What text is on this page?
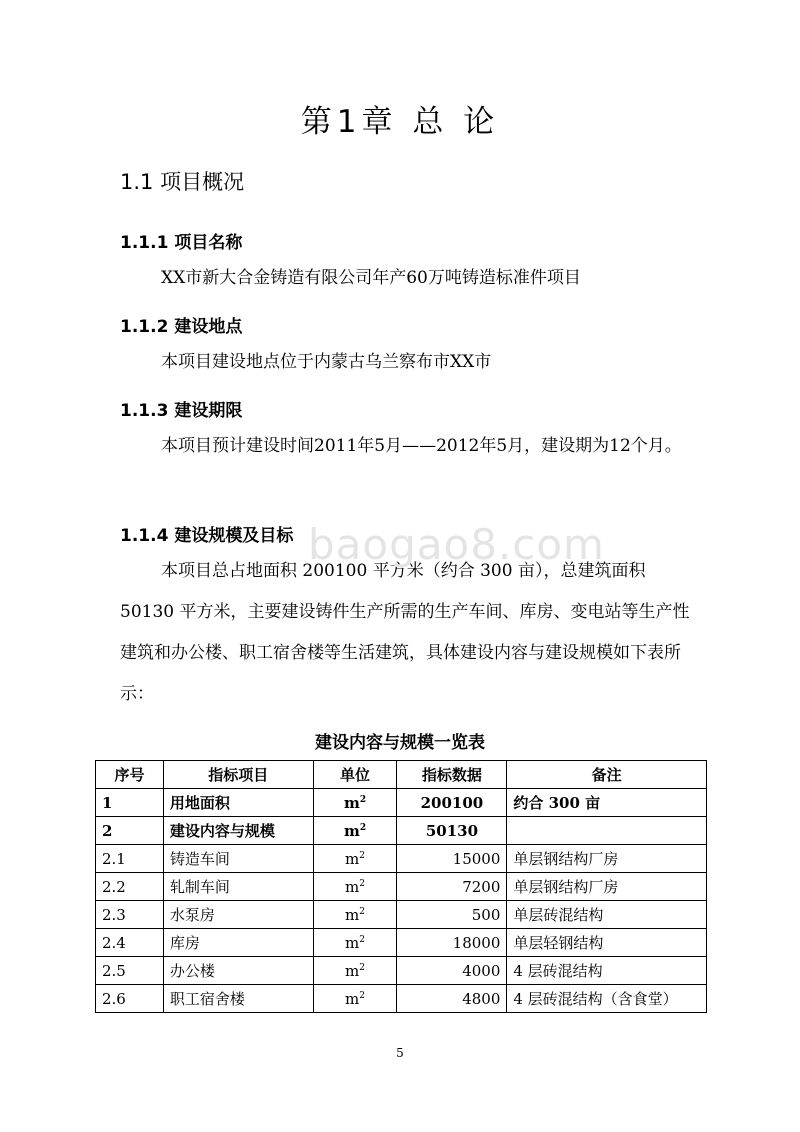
第1章 总 论
1.1 项目概况
1.1.1 项目名称
XX市新大合金铸造有限公司年产60万吨铸造标准件项目
1.1.2 建设地点
本项目建设地点位于内蒙古乌兰察布市XX市
1.1.3 建设期限
本项目预计建设时间2011年5月——2012年5月，建设期为12个月。
1.1.4 建设规模及目标
本项目总占地面积 200100 平方米（约合 300 亩），总建筑面积 50130 平方米，主要建设铸件生产所需的生产车间、库房、变电站等生产性建筑和办公楼、职工宿舍楼等生活建筑，具体建设内容与建设规模如下表所示：
baogao8.com
建设内容与规模一览表
序号	指标项目	单位	指标数据	备注
1	用地面积	$m^2$	200100	约合 300 亩
2	建设内容与规模	$m^2$	50130	
2.1	铸造车间	$m^2$	15000	单层钢结构厂房
2.2	轧制车间	$m^2$	7200	单层钢结构厂房
2.3	水泵房	$m^2$	500	单层砖混结构
2.4	库房	$m^2$	18000	单层轻钢结构
2.5	办公楼	$m^2$	4000	4 层砖混结构
2.6	职工宿舍楼	$m^2$	4800	4 层砖混结构（含食堂）
5
